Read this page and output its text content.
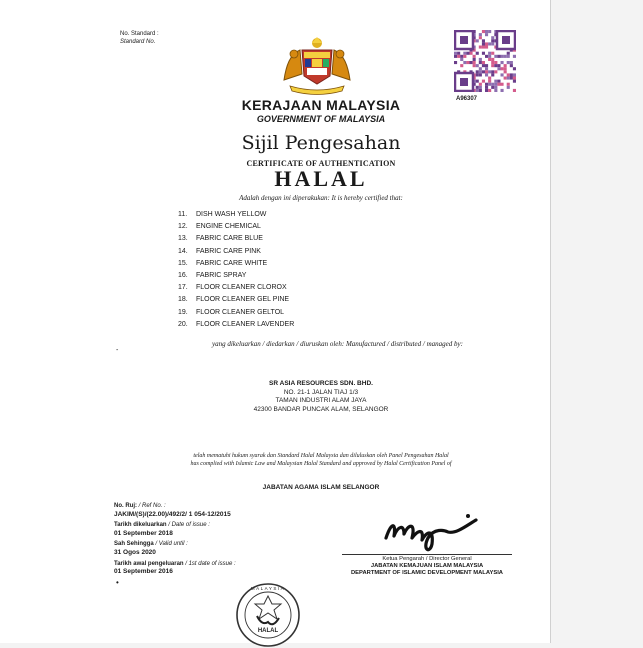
No. Standard :
Standard No.
A96307
KERAJAAN MALAYSIA
GOVERNMENT OF MALAYSIA
Sijil Pengesahan
CERTIFICATE OF AUTHENTICATION
HALAL
Adalah dengan ini diperakukan: It is hereby certified that:
11. DISH WASH YELLOW
12. ENGINE CHEMICAL
13. FABRIC CARE BLUE
14. FABRIC CARE PINK
15. FABRIC CARE WHITE
16. FABRIC SPRAY
17. FLOOR CLEANER CLOROX
18. FLOOR CLEANER GEL PINE
19. FLOOR CLEANER GELTOL
20. FLOOR CLEANER LAVENDER
-
yang dikeluarkan / diedarkan / diuruskan oleh: Manufactured / distributed / managed by:
SR ASIA RESOURCES SDN. BHD.
NO. 21-1 JALAN TIAJ 1/3
TAMAN INDUSTRI ALAM JAYA
42300 BANDAR PUNCAK ALAM, SELANGOR
telah mematuhi hukum syarak dan Standard Halal Malaysia dan diluluskan oleh Panel Pengesahan Halal
has complied with Islamic Law and Malaysian Halal Standard and approved by Halal Certification Panel of
JABATAN AGAMA ISLAM SELANGOR
No. Ruj: / Ref No. :
JAKIM/(S)/(22.00)/492/2/ 1 054-12/2015
Tarikh dikeluarkan / Date of issue :
01 September 2018
Sah Sehingga / Valid until :
31 Ogos 2020
Tarikh awal pengeluaran / 1st date of issue :
01 September 2016
Ketua Pengarah / Director General
JABATAN KEMAJUAN ISLAM MALAYSIA
DEPARTMENT OF ISLAMIC DEVELOPMENT MALAYSIA
•
HALAL
MALAYSIA
